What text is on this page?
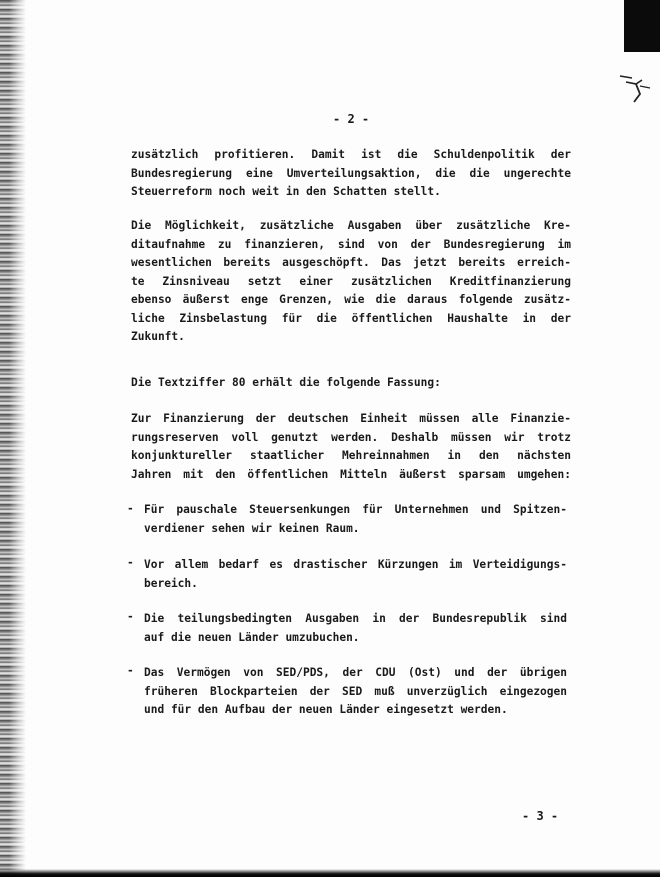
- 2 -
zusätzlich profitieren. Damit ist die Schuldenpolitik der
Bundesregierung eine Umverteilungsaktion, die die ungerechte
Steuerreform noch weit in den Schatten stellt.
Die Möglichkeit, zusätzliche Ausgaben über zusätzliche Kre-
ditaufnahme zu finanzieren, sind von der Bundesregierung im
wesentlichen bereits ausgeschöpft. Das jetzt bereits erreich-
te Zinsniveau setzt einer zusätzlichen Kreditfinanzierung
ebenso äußerst enge Grenzen, wie die daraus folgende zusätz-
liche Zinsbelastung für die öffentlichen Haushalte in der
Zukunft.
Die Textziffer 80 erhält die folgende Fassung:
Zur Finanzierung der deutschen Einheit müssen alle Finanzie-
rungsreserven voll genutzt werden. Deshalb müssen wir trotz
konjunktureller staatlicher Mehreinnahmen in den nächsten
Jahren mit den öffentlichen Mitteln äußerst sparsam umgehen:
- Für pauschale Steuersenkungen für Unternehmen und Spitzen-
verdiener sehen wir keinen Raum.
- Vor allem bedarf es drastischer Kürzungen im Verteidigungs-
bereich.
- Die teilungsbedingten Ausgaben in der Bundesrepublik sind
auf die neuen Länder umzubuchen.
- Das Vermögen von SED/PDS, der CDU (Ost) und der übrigen
früheren Blockparteien der SED muß unverzüglich eingezogen
und für den Aufbau der neuen Länder eingesetzt werden.
- 3 -
